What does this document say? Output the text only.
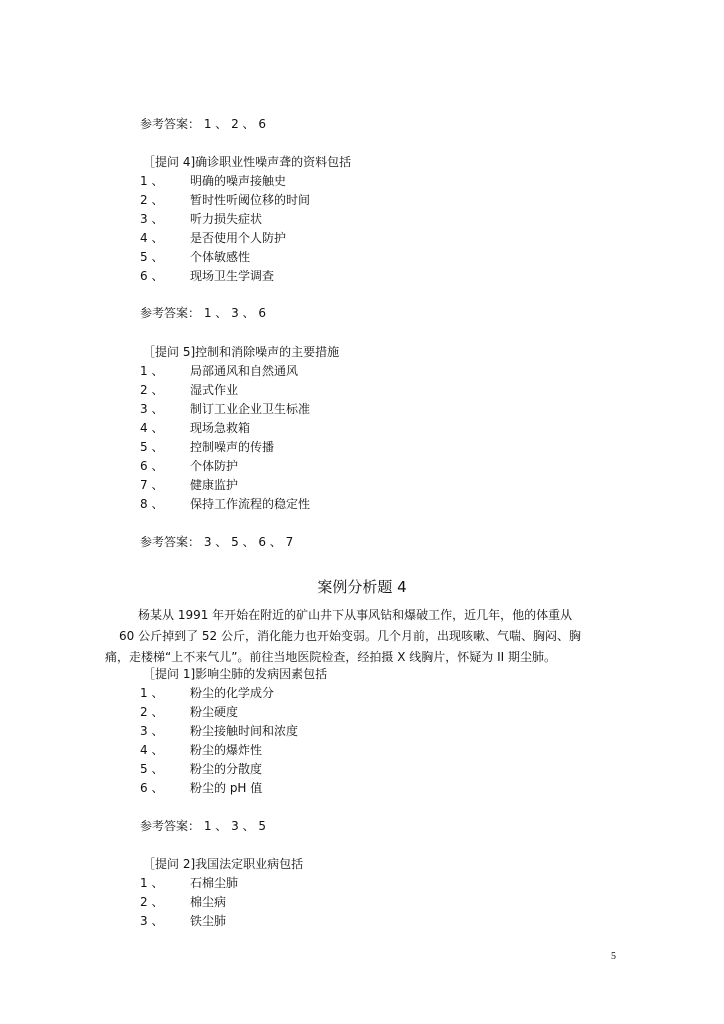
参考答案： 1 、 2 、 6
［提问 4]确诊职业性噪声聋的资料包括
1 、 明确的噪声接触史
2 、 暂时性听阈位移的时间
3 、 听力损失症状
4 、 是否使用个人防护
5 、 个体敏感性
6 、 现场卫生学调查
参考答案： 1 、 3 、 6
［提问 5]控制和消除噪声的主要措施
1 、 局部通风和自然通风
2 、 湿式作业
3 、 制订工业企业卫生标准
4 、 现场急救箱
5 、 控制噪声的传播
6 、 个体防护
7 、 健康监护
8 、 保持工作流程的稳定性
参考答案： 3 、 5 、 6 、 7
案例分析题 4
杨某从 1991 年开始在附近的矿山井下从事风钻和爆破工作，近几年，他的体重从
60 公斤掉到了 52 公斤，消化能力也开始变弱。几个月前，出现咳嗽、气喘、胸闷、胸
痛，走楼梯“上不来气儿”。前往当地医院检查，经拍摄 X 线胸片，怀疑为 II 期尘肺。
［提问 1]影响尘肺的发病因素包括
1 、 粉尘的化学成分
2 、 粉尘硬度
3 、 粉尘接触时间和浓度
4 、 粉尘的爆炸性
5 、 粉尘的分散度
6 、 粉尘的 pH 值
参考答案： 1 、 3 、 5
［提问 2]我国法定职业病包括
1 、 石棉尘肺
2 、 棉尘病
3 、 铁尘肺
5
